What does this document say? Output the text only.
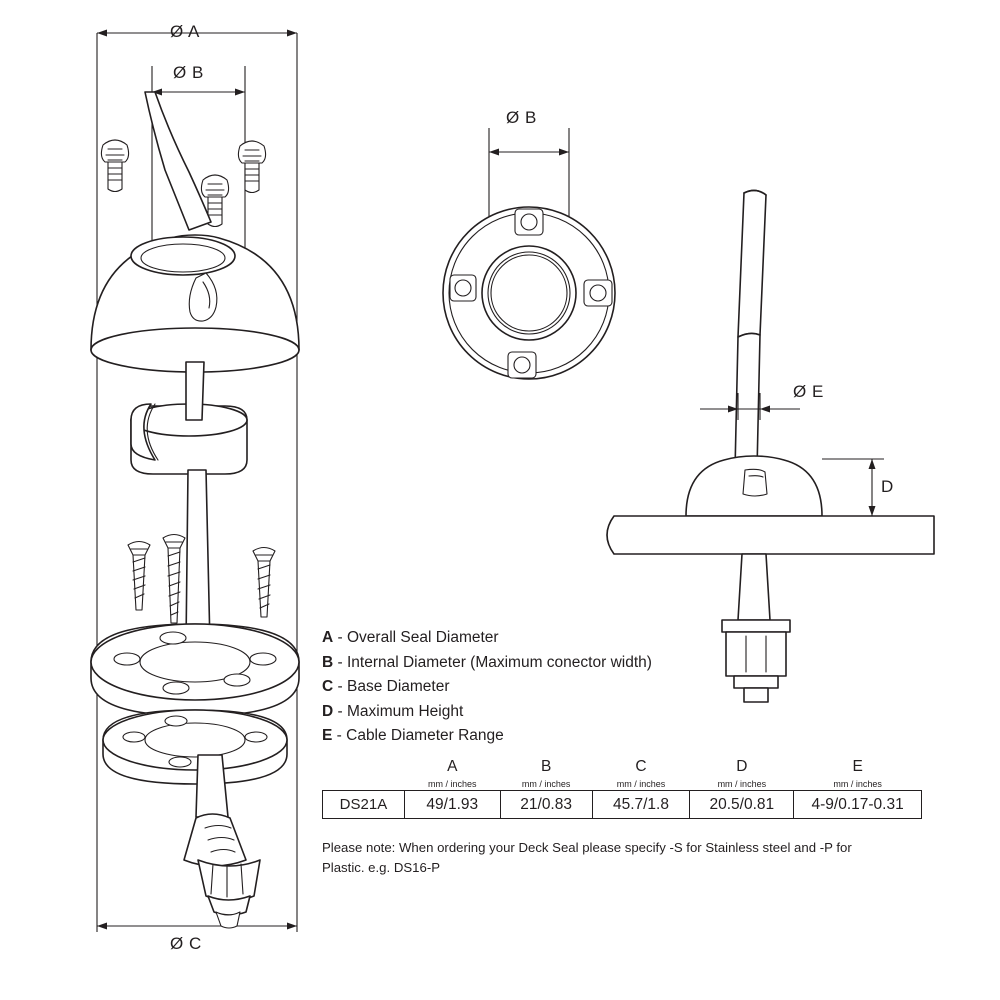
Ø A
Ø B
Ø C
Ø B
Ø E
D
A - Overall Seal Diameter
B - Internal Diameter (Maximum conector width)
C - Base Diameter
D - Maximum Height
E - Cable Diameter Range
	A	B	C	D	E
	mm / inches	mm / inches	mm / inches	mm / inches	mm / inches
DS21A	49/1.93	21/0.83	45.7/1.8	20.5/0.81	4-9/0.17-0.31
Please note: When ordering your Deck Seal please specify -S for Stainless steel and -P for
Plastic. e.g. DS16-P
